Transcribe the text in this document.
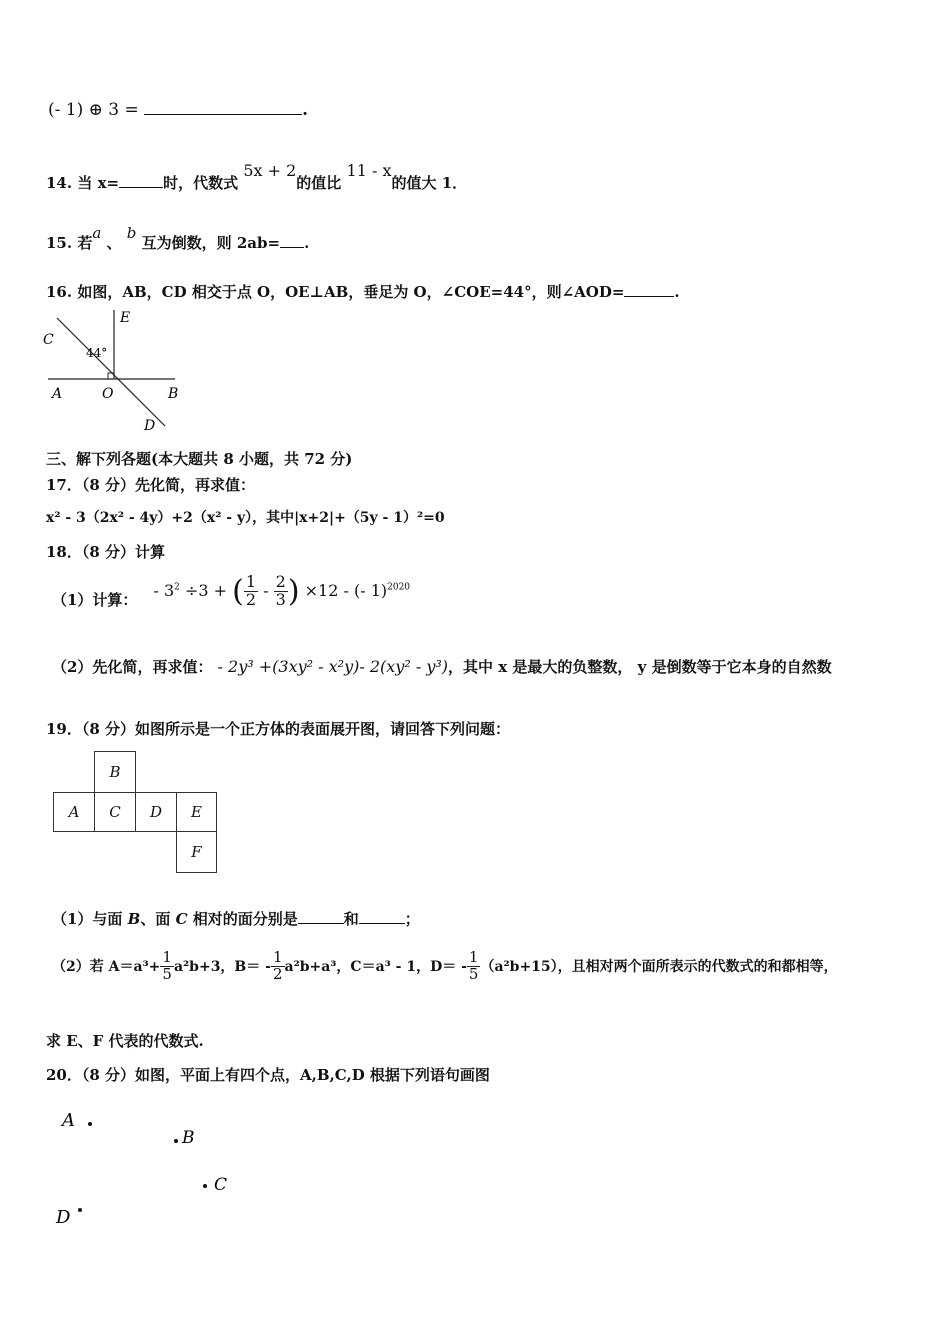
(- 1) ⊕ 3 =	.
14. 当 x=	时，代数式 5x + 2的值比 11 - x的值大 1．
15. 若a 、 b 互为倒数，则 2ab= .
16. 如图，AB，CD 相交于点 O，OE⊥AB，垂足为 O，∠COE=44°，则∠AOD=	.
C
E
44°
A	O	B
D
三、解下列各题(本大题共 8 小题，共 72 分)
17．（8 分）先化简，再求值：
x² - 3（2x² - 4y）+2（x² - y），其中|x+2|+（5y - 1）²=0
18．（8 分）计算
（1）计算： - $3^2 \div 3$ + ( $\frac{1}{2} - \frac{2}{3}$ ) ×12 - (- 1)$^{2020}$
（2）先化简，再求值： - 2y³ +(3xy² - x²y)- 2(xy² - y³)，其中 x 是最大的负整数， y 是倒数等于它本身的自然数
19．（8 分）如图所示是一个正方体的表面展开图，请回答下列问题：
B
A	C	D	E
F
（1）与面 B、面 C 相对的面分别是	和	；
（2）若 $A=a^3+ \frac{1}{5} a^2b+3$，$B= - \frac{1}{2} a^2b+a^3$，C＝a³ - 1，$D= - \frac{1}{5} (a^2b+15)$，且相对两个面所表示的代数式的和都相等，
求 E、F 代表的代数式.
20．（8 分）如图，平面上有四个点，A,B,C,D 根据下列语句画图
A
B
C
D
